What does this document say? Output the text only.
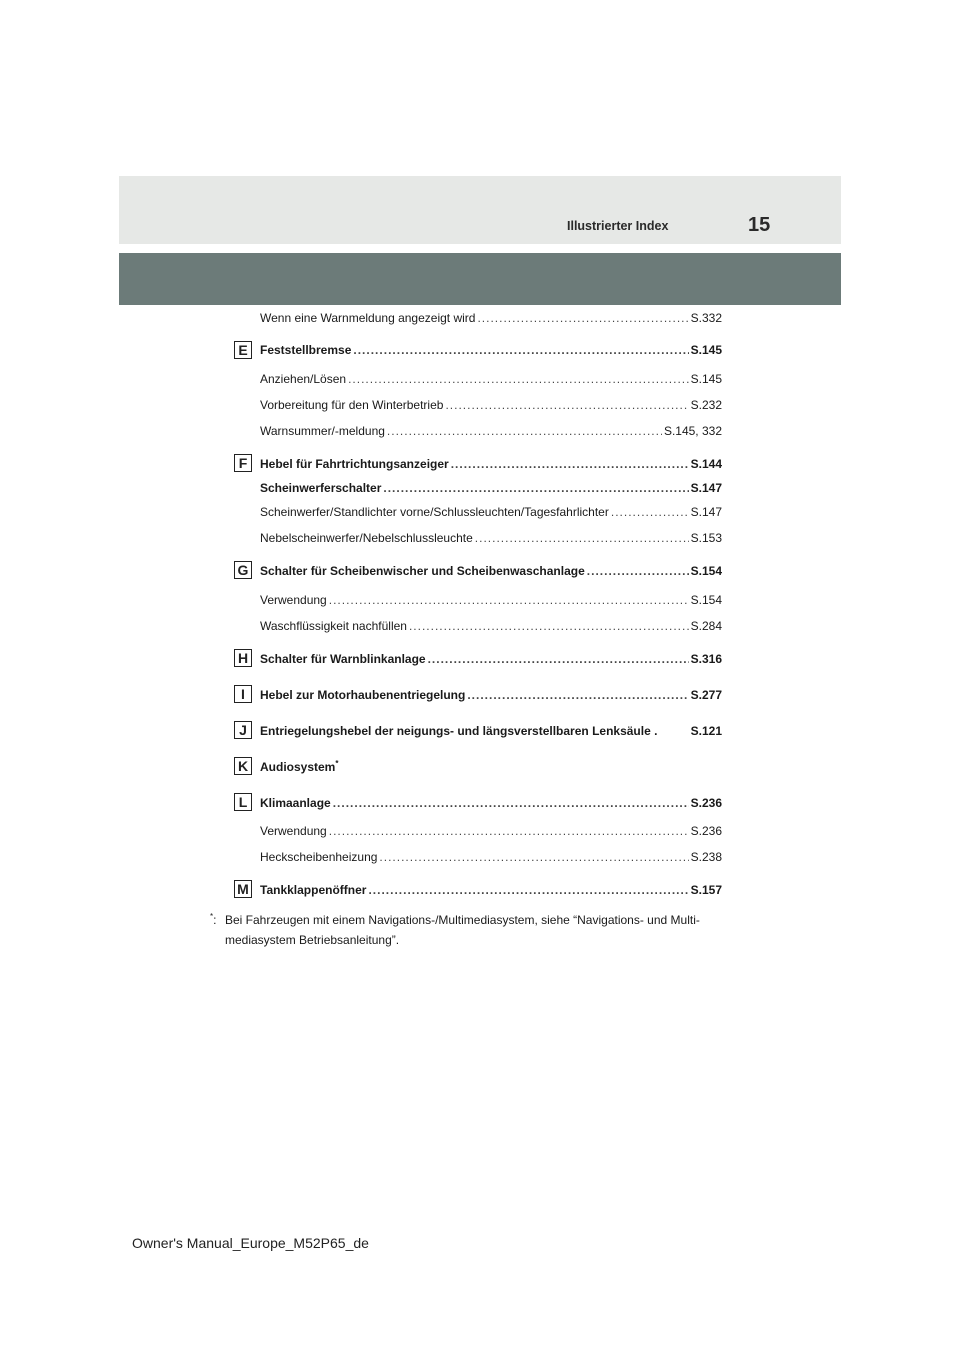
Illustrierter Index	15
Wenn eine Warnmeldung angezeigt wird .....	S.332
E	Feststellbremse .....	S.145
Anziehen/Lösen .....	S.145
Vorbereitung für den Winterbetrieb .....	S.232
Warnsummer/-meldung .....	S.145, 332
F	Hebel für Fahrtrichtungsanzeiger .....	S.144
Scheinwerferschalter .....	S.147
Scheinwerfer/Standlichter vorne/Schlussleuchten/Tagesfahrlichter .....	S.147
Nebelscheinwerfer/Nebelschlussleuchte .....	S.153
G Schalter für Scheibenwischer und Scheibenwaschanlage .....	S.154
Verwendung .....	S.154
Waschflüssigkeit nachfüllen .....	S.284
H Schalter für Warnblinkanlage .....	S.316
I	Hebel zur Motorhaubenentriegelung .....	S.277
J	Entriegelungshebel der neigungs- und längsverstellbaren Lenksäule .	S.121
K Audiosystem*
L	Klimaanlage .....	S.236
Verwendung .....	S.236
Heckscheibenheizung .....	S.238
M Tankklappenöffner .....	S.157
*: Bei Fahrzeugen mit einem Navigations-/Multimediasystem, siehe “Navigations- und Multi-mediasystem Betriebsanleitung”.
Owner's Manual_Europe_M52P65_de
